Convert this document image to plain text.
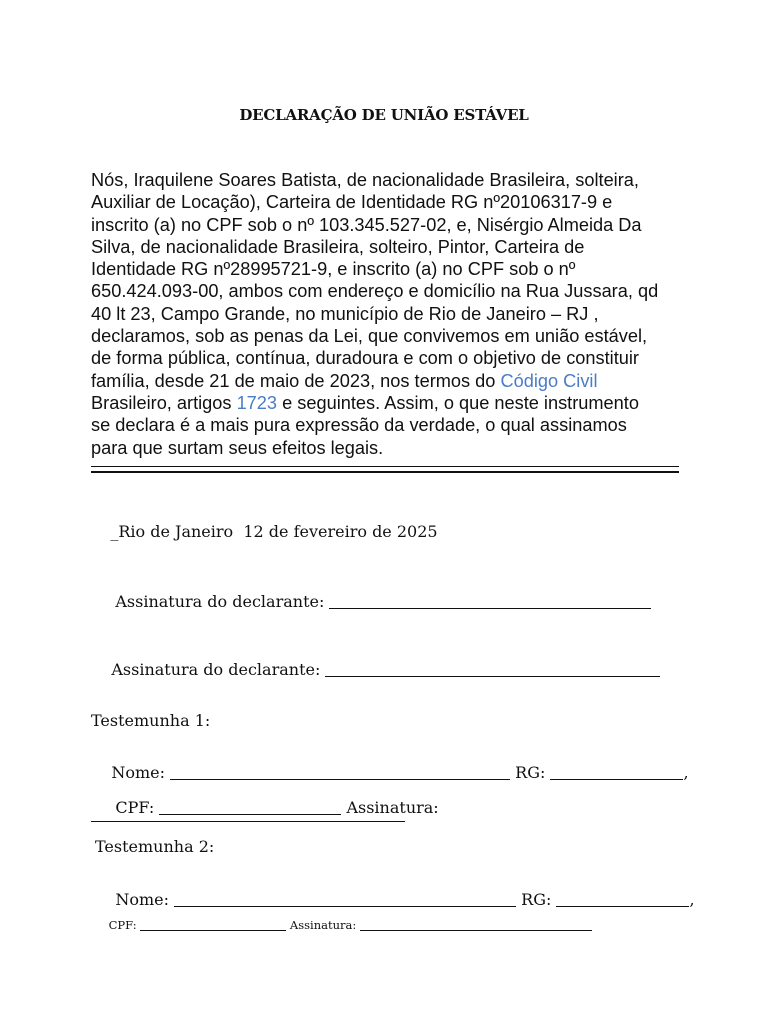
DECLARAÇÃO DE UNIÃO ESTÁVEL
Nós, Iraquilene Soares Batista, de nacionalidade Brasileira, solteira,
Auxiliar de Locação), Carteira de Identidade RG nº20106317-9 e
inscrito (a) no CPF sob o nº 103.345.527-02, e, Nisérgio Almeida Da
Silva, de nacionalidade Brasileira, solteiro, Pintor, Carteira de
Identidade RG nº28995721-9, e inscrito (a) no CPF sob o nº
650.424.093-00, ambos com endereço e domicílio na Rua Jussara, qd
40 lt 23, Campo Grande, no município de Rio de Janeiro – RJ ,
declaramos, sob as penas da Lei, que convivemos em união estável,
de forma pública, contínua, duradoura e com o objetivo de constituir
família, desde 21 de maio de 2023, nos termos do Código Civil
Brasileiro, artigos 1723 e seguintes. Assim, o que neste instrumento
se declara é a mais pura expressão da verdade, o qual assinamos
para que surtam seus efeitos legais.

_Rio de Janeiro  12 de fevereiro de 2025

Assinatura do declarante:

Assinatura do declarante:

Testemunha 1:

Nome:	RG:	,

CPF:	Assinatura:

Testemunha 2:

Nome:	RG:	,

CPF:	Assinatura:
